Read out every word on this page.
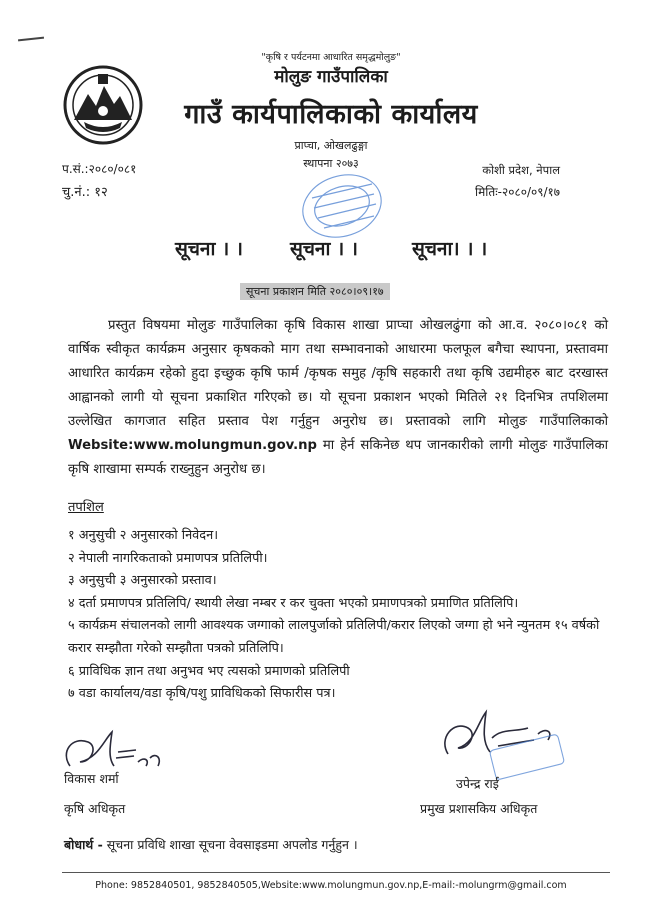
"कृषि र पर्यटनमा आधारित समृद्धमोलुङ"
मोलुङ गाउँपालिका
गाउँ कार्यपालिकाको कार्यालय
प्राप्चा, ओखलढुङ्गा
स्थापना २०७३
प.सं.:२०८०/०८१
चु.नं.: १२
कोशी प्रदेश, नेपाल
मितिः-२०८०/०९/१७
सूचना । । सूचना । ।	सूचना। । ।
सूचना प्रकाशन मिति २०८०।०९।१७
प्रस्तुत विषयमा मोलुङ गाउँपालिका कृषि विकास शाखा प्राप्चा ओखलढुंगा को आ.व. २०८०।०८१ को वार्षिक स्वीकृत कार्यक्रम अनुसार कृषकको माग तथा सम्भावनाको आधारमा फलफूल बगैचा स्थापना, प्रस्तावमा आधारित कार्यक्रम रहेको हुदा इच्छुक कृषि फार्म /कृषक समुह /कृषि सहकारी तथा कृषि उद्यमीहरु बाट दरखास्त आह्वानको लागी यो सूचना प्रकाशित गरिएको छ। यो सूचना प्रकाशन भएको मितिले २१ दिनभित्र तपशिलमा उल्लेखित कागजात सहित प्रस्ताव पेश गर्नुहुन अनुरोध छ। प्रस्तावको लागि मोलुङ गाउँपालिकाको Website:www.molungmun.gov.np मा हेर्न सकिनेछ थप जानकारीको लागी मोलुङ गाउँपालिका कृषि शाखामा सम्पर्क राख्नुहुन अनुरोध छ।
तपशिल

१ अनुसुची २ अनुसारको निवेदन।

२ नेपाली नागरिकताको प्रमाणपत्र प्रतिलिपी।

३ अनुसुची ३ अनुसारको प्रस्ताव।

४ दर्ता प्रमाणपत्र प्रतिलिपि/ स्थायी लेखा नम्बर र कर चुक्ता भएको प्रमाणपत्रको प्रमाणित प्रतिलिपि।

५ कार्यक्रम संचालनको लागी आवश्यक जग्गाको लालपुर्जाको प्रतिलिपी/करार लिएको जग्गा हो भने न्युनतम १५ वर्षको करार सम्झौता गरेको सम्झौता पत्रको प्रतिलिपि।

६ प्राविधिक ज्ञान तथा अनुभव भए त्यसको प्रमाणको प्रतिलिपी

७ वडा कार्यालय/वडा कृषि/पशु प्राविधिकको सिफारीस पत्र।

विकास शर्मा
कृषि अधिकृत
उपेन्द्र राई
प्रमुख प्रशासकिय अधिकृत
बोधार्थ - सूचना प्रविधि शाखा सूचना वेवसाइडमा अपलोड गर्नुहुन ।
Phone: 9852840501, 9852840505,Website:www.molungmun.gov.np,E-mail:-molungrm@gmail.com
